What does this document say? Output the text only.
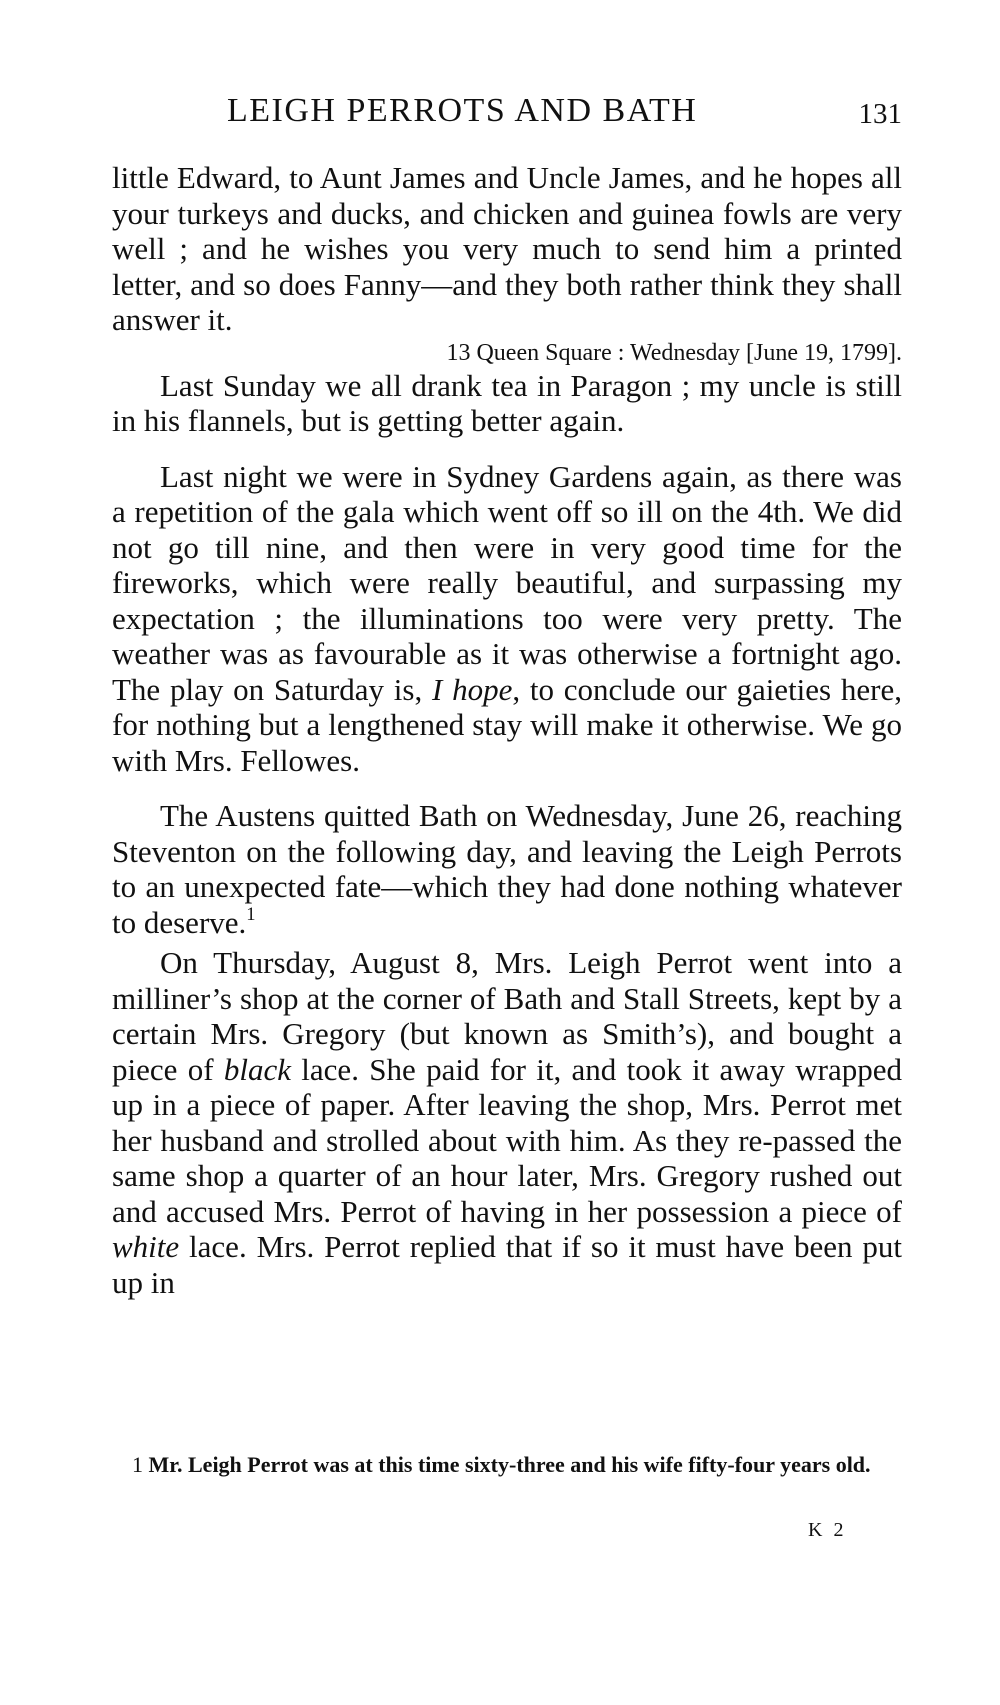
LEIGH PERROTS AND BATH	131

little Edward, to Aunt James and Uncle James, and he hopes all your turkeys and ducks, and chicken and guinea fowls are very well ; and he wishes you very much to send him a printed letter, and so does Fanny—and they both rather think they shall answer it.

13 Queen Square : Wednesday [June 19, 1799].

Last Sunday we all drank tea in Paragon ; my uncle is still in his flannels, but is getting better again.

Last night we were in Sydney Gardens again, as there was a repetition of the gala which went off so ill on the 4th. We did not go till nine, and then were in very good time for the fireworks, which were really beautiful, and surpassing my expectation ; the illuminations too were very pretty. The weather was as favourable as it was otherwise a fortnight ago. The play on Saturday is, I hope, to conclude our gaieties here, for nothing but a lengthened stay will make it otherwise. We go with Mrs. Fellowes.

The Austens quitted Bath on Wednesday, June 26, reaching Steventon on the following day, and leaving the Leigh Perrots to an unexpected fate—which they had done nothing whatever to deserve.$^1$

On Thursday, August 8, Mrs. Leigh Perrot went into a milliner’s shop at the corner of Bath and Stall Streets, kept by a certain Mrs. Gregory (but known as Smith’s), and bought a piece of black lace. She paid for it, and took it away wrapped up in a piece of paper. After leaving the shop, Mrs. Perrot met her husband and strolled about with him. As they re-passed the same shop a quarter of an hour later, Mrs. Gregory rushed out and accused Mrs. Perrot of having in her possession a piece of white lace. Mrs. Perrot replied that if so it must have been put up in

1 Mr. Leigh Perrot was at this time sixty-three and his wife fifty-four years old.
K 2
